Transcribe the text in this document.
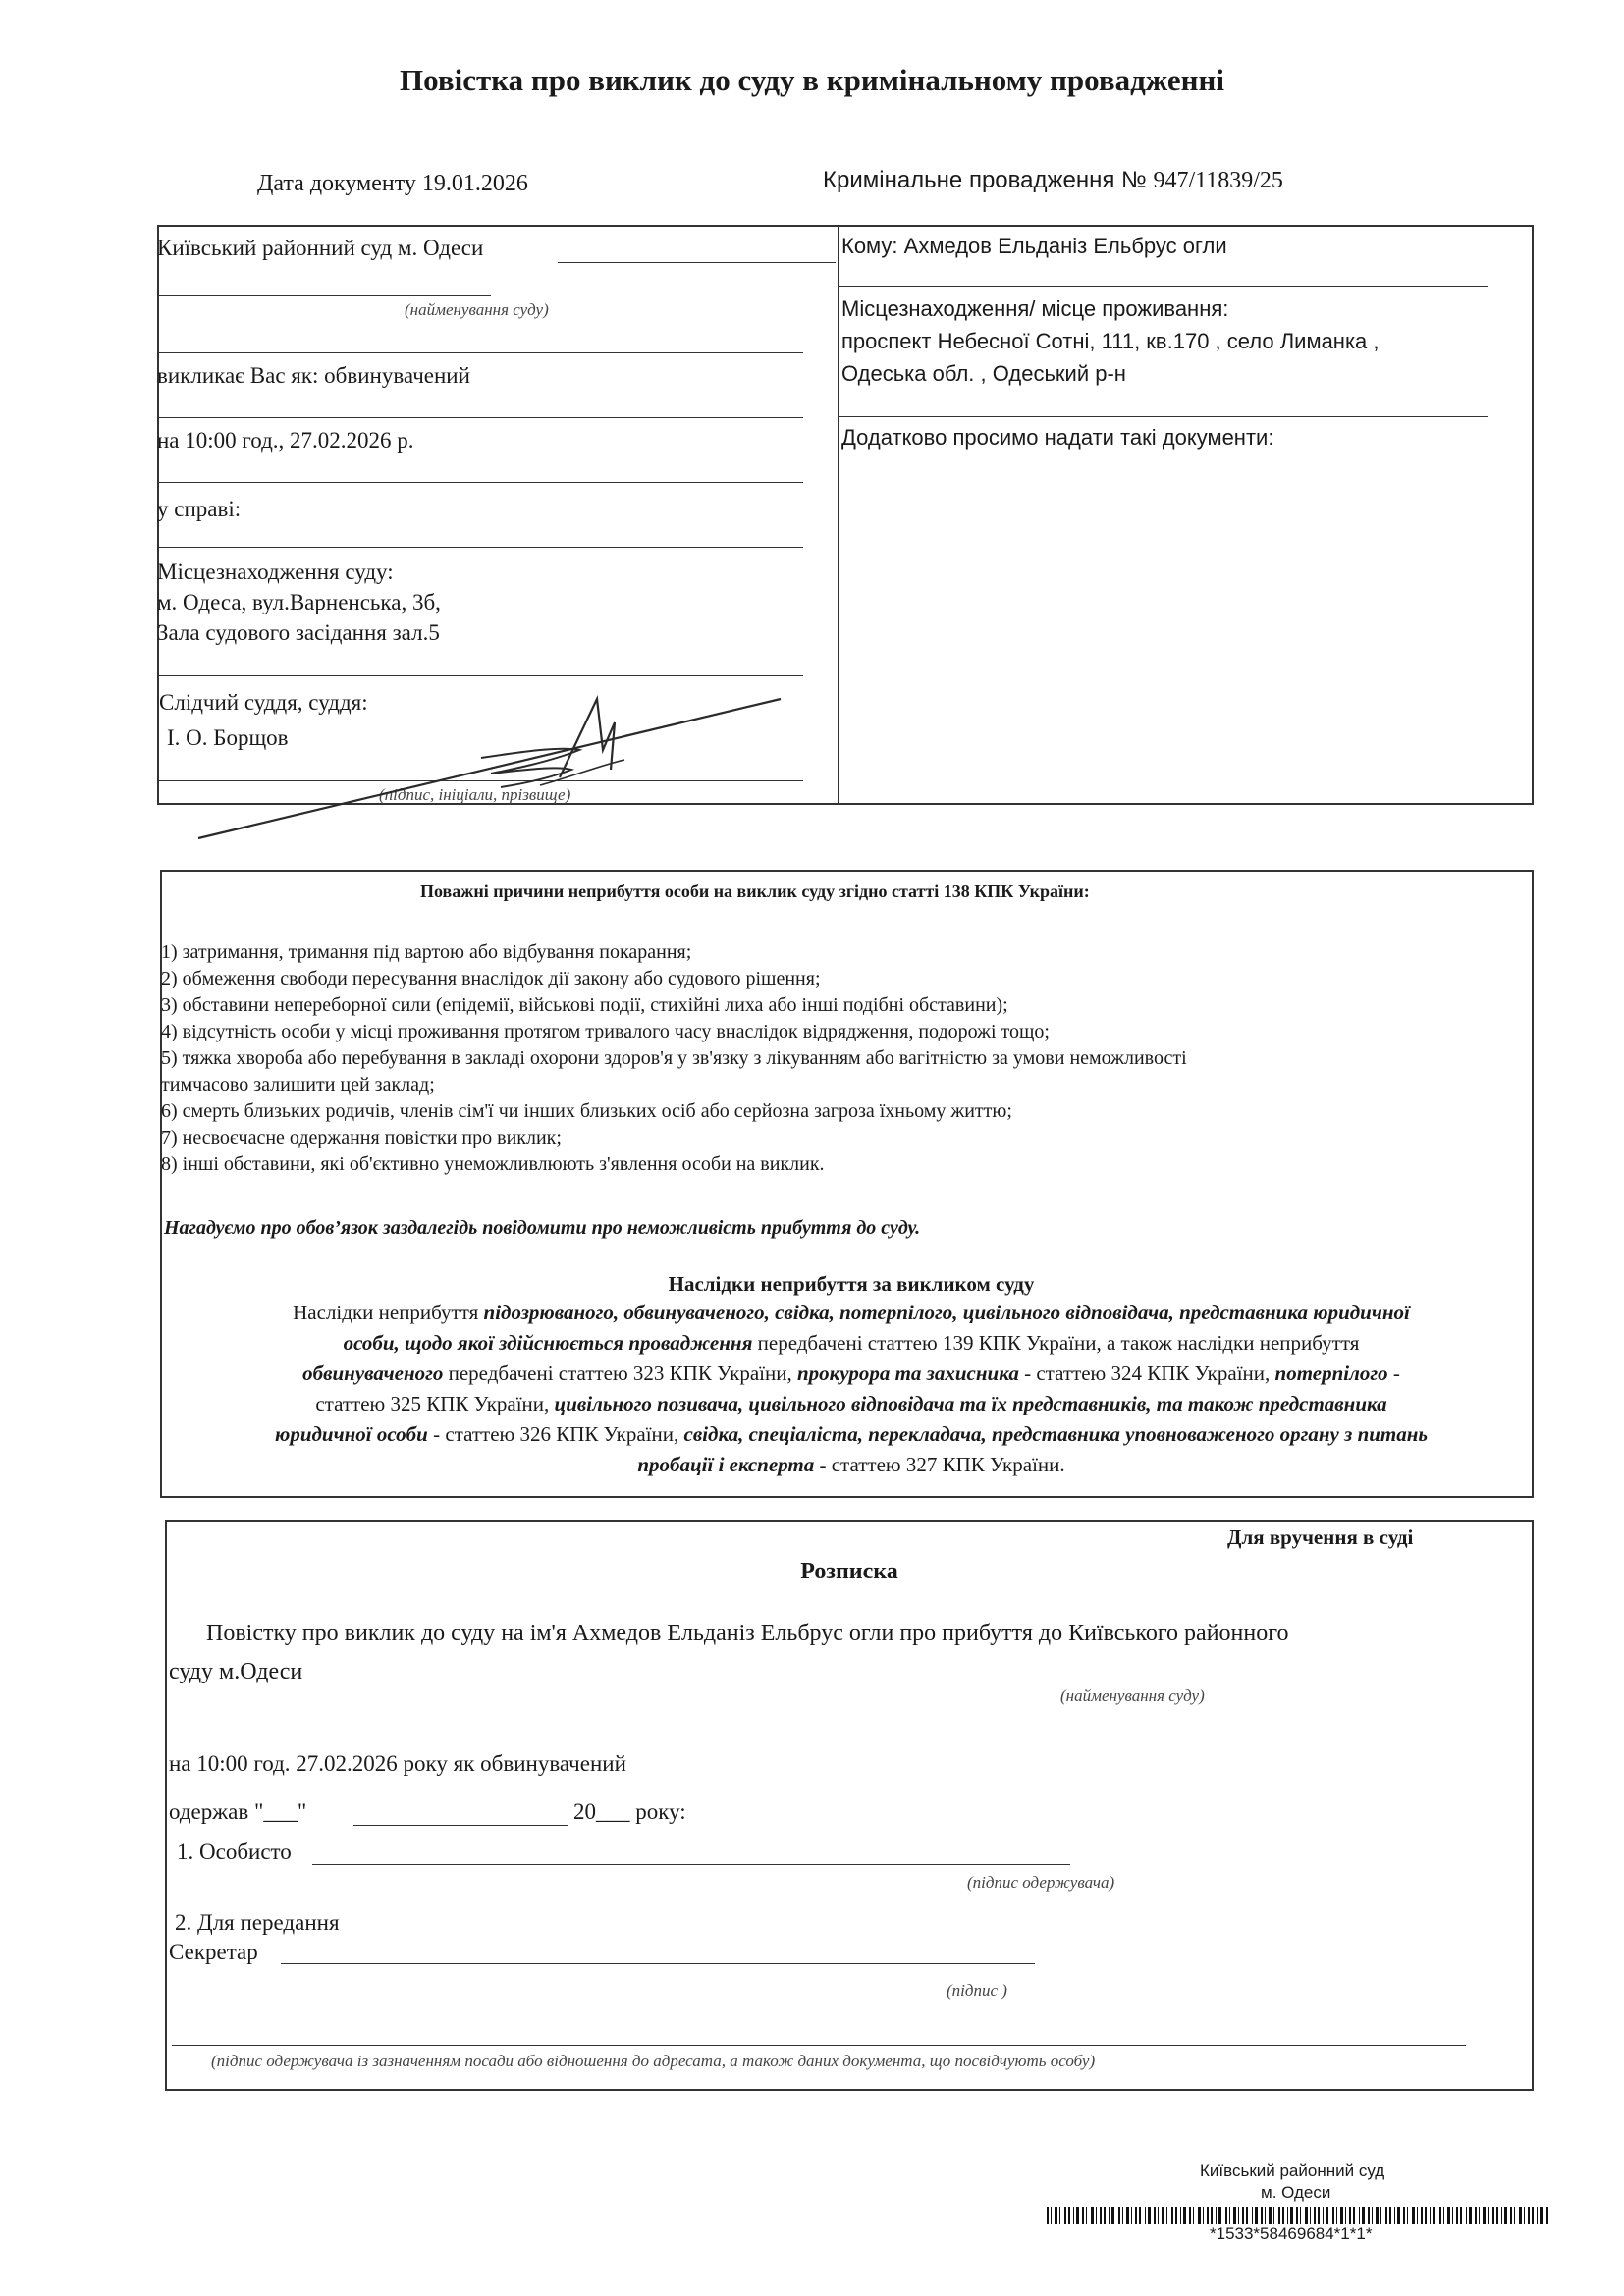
Повістка про виклик до суду в кримінальному провадженні
Дата документу 19.01.2026	Кримінальне провадження № 947/11839/25
Київський районний суд м. Одеси
(найменування суду)
викликає Вас як: обвинувачений
на 10:00 год., 27.02.2026 р.
у справі:
Місцезнаходження суду:
м. Одеса, вул.Варненська, 3б,
Зала судового засідання зал.5
Слідчий суддя, суддя:
І. О. Борщов
(підпис, ініціали, прізвище)
Кому: Ахмедов Ельданіз Ельбрус огли
Місцезнаходження/ місце проживання:
проспект Небесної Сотні, 111, кв.170 , село Лиманка ,
Одеська обл. , Одеський р-н
Додатково просимо надати такі документи:
Поважні причини неприбуття особи на виклик суду згідно статті 138 КПК України:
1) затримання, тримання під вартою або відбування покарання;
2) обмеження свободи пересування внаслідок дії закону або судового рішення;
3) обставини непереборної сили (епідемії, військові події, стихійні лиха або інші подібні обставини);
4) відсутність особи у місці проживання протягом тривалого часу внаслідок відрядження, подорожі тощо;
5) тяжка хвороба або перебування в закладі охорони здоров'я у зв'язку з лікуванням або вагітністю за умови неможливості
тимчасово залишити цей заклад;
6) смерть близьких родичів, членів сім'ї чи інших близьких осіб або серйозна загроза їхньому життю;
7) несвоєчасне одержання повістки про виклик;
8) інші обставини, які об'єктивно унеможливлюють з'явлення особи на виклик.
Нагадуємо про обов’язок заздалегідь повідомити про неможливість прибуття до суду.
Наслідки неприбуття за викликом суду
Наслідки неприбуття підозрюваного, обвинуваченого, свідка, потерпілого, цивільного відповідача, представника юридичної
особи, щодо якої здійснюється провадження передбачені статтею 139 КПК України, а також наслідки неприбуття
обвинуваченого передбачені статтею 323 КПК України, прокурора та захисника - статтею 324 КПК України, потерпілого -
статтею 325 КПК України, цивільного позивача, цивільного відповідача та їх представників, та також представника
юридичної особи - статтею 326 КПК України, свідка, спеціаліста, перекладача, представника уповноваженого органу з питань
пробації і експерта - статтею 327 КПК України.
Для вручення в суді
Розписка
Повістку про виклик до суду на ім'я Ахмедов Ельданіз Ельбрус огли про прибуття до Київського районного
суду м.Одеси
(найменування суду)
на 10:00 год. 27.02.2026 року як обвинувачений
одержав "___"	20___ року:
1. Особисто
(підпис одержувача)
2. Для передання
Секретар
(підпис )
(підпис одержувача із зазначенням посади або відношення до адресата, а також даних документа, що посвідчують особу)
Київський районний суд
м. Одеси
*1533*58469684*1*1*
